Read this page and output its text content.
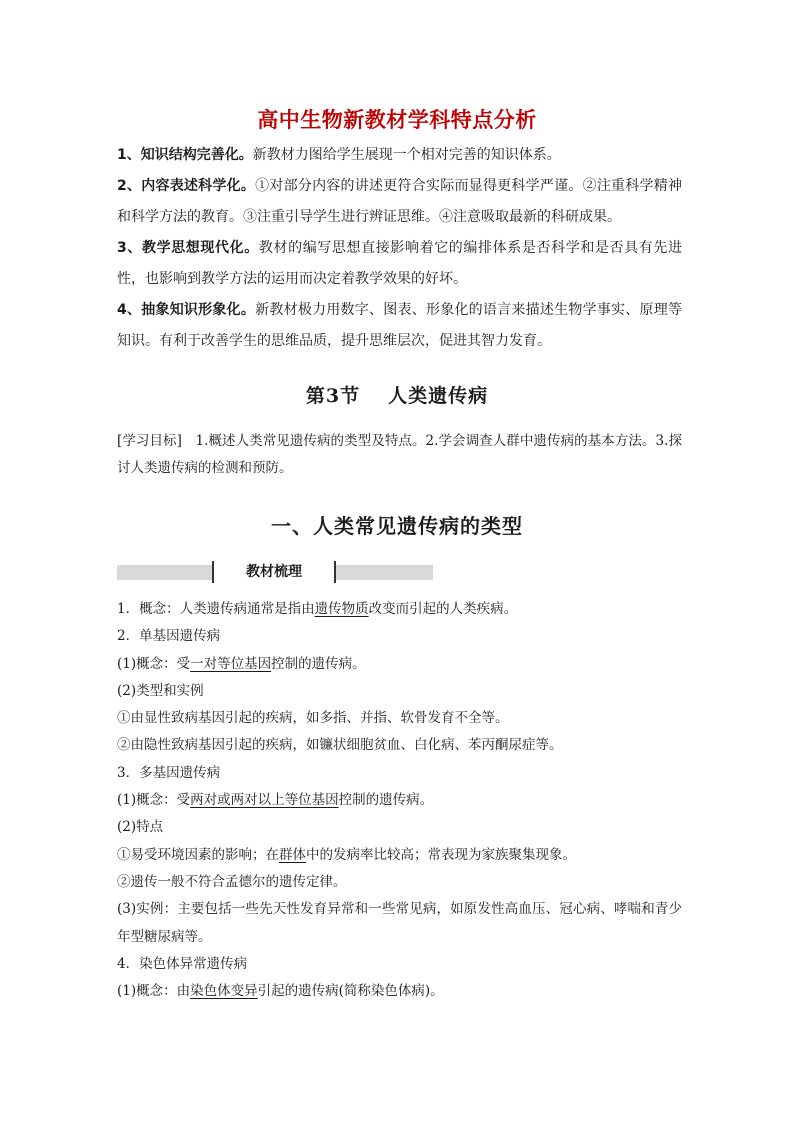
高中生物新教材学科特点分析

1、知识结构完善化。新教材力图给学生展现一个相对完善的知识体系。

2、内容表述科学化。①对部分内容的讲述更符合实际而显得更科学严谨。②注重科学精神和科学方法的教育。③注重引导学生进行辨证思维。④注意吸取最新的科研成果。

3、教学思想现代化。教材的编写思想直接影响着它的编排体系是否科学和是否具有先进性，也影响到教学方法的运用而决定着教学效果的好坏。

4、抽象知识形象化。新教材极力用数字、图表、形象化的语言来描述生物学事实、原理等知识。有利于改善学生的思维品质，提升思维层次，促进其智力发育。

第3节 人类遗传病
[学习目标]　1.概述人类常见遗传病的类型及特点。2.学会调查人群中遗传病的基本方法。3.探讨人类遗传病的检测和预防。
一、人类常见遗传病的类型
教材梳理

1．概念：人类遗传病通常是指由遗传物质改变而引起的人类疾病。

2．单基因遗传病

(1)概念：受一对等位基因控制的遗传病。

(2)类型和实例

①由显性致病基因引起的疾病，如多指、并指、软骨发育不全等。

②由隐性致病基因引起的疾病，如镰状细胞贫血、白化病、苯丙酮尿症等。

3．多基因遗传病

(1)概念：受两对或两对以上等位基因控制的遗传病。

(2)特点

①易受环境因素的影响；在群体中的发病率比较高；常表现为家族聚集现象。

②遗传一般不符合孟德尔的遗传定律。

(3)实例：主要包括一些先天性发育异常和一些常见病，如原发性高血压、冠心病、哮喘和青少年型糖尿病等。

4．染色体异常遗传病

(1)概念：由染色体变异引起的遗传病(简称染色体病)。
